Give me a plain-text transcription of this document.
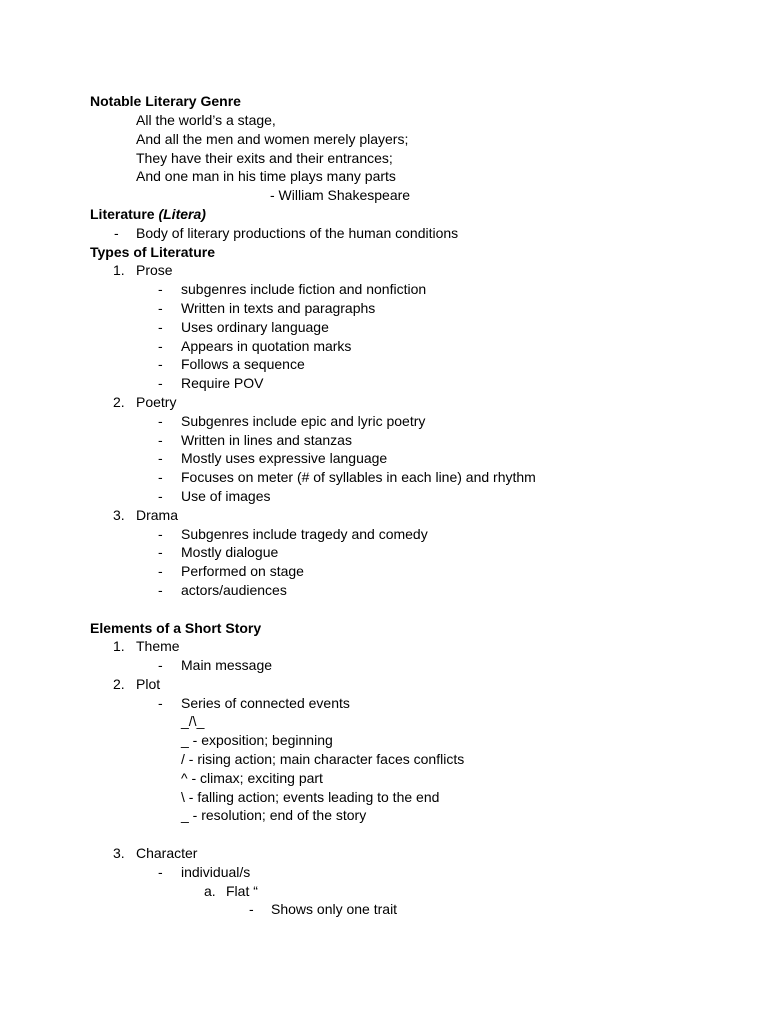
Notable Literary Genre
All the world’s a stage,
And all the men and women merely players;
They have their exits and their entrances;
And one man in his time plays many parts
- William Shakespeare
Literature (Litera)
- Body of literary productions of the human conditions
Types of Literature
1. Prose
- subgenres include fiction and nonfiction
- Written in texts and paragraphs
- Uses ordinary language
- Appears in quotation marks
- Follows a sequence
- Require POV
2. Poetry
- Subgenres include epic and lyric poetry
- Written in lines and stanzas
- Mostly uses expressive language
- Focuses on meter (# of syllables in each line) and rhythm
- Use of images
3. Drama
- Subgenres include tragedy and comedy
- Mostly dialogue
- Performed on stage
- actors/audiences
Elements of a Short Story
1. Theme
- Main message
2. Plot
- Series of connected events
_/\_
_ - exposition; beginning
/ - rising action; main character faces conflicts
^ - climax; exciting part
\ - falling action; events leading to the end
_ - resolution; end of the story
3. Character
- individual/s
a. Flat “
- Shows only one trait
